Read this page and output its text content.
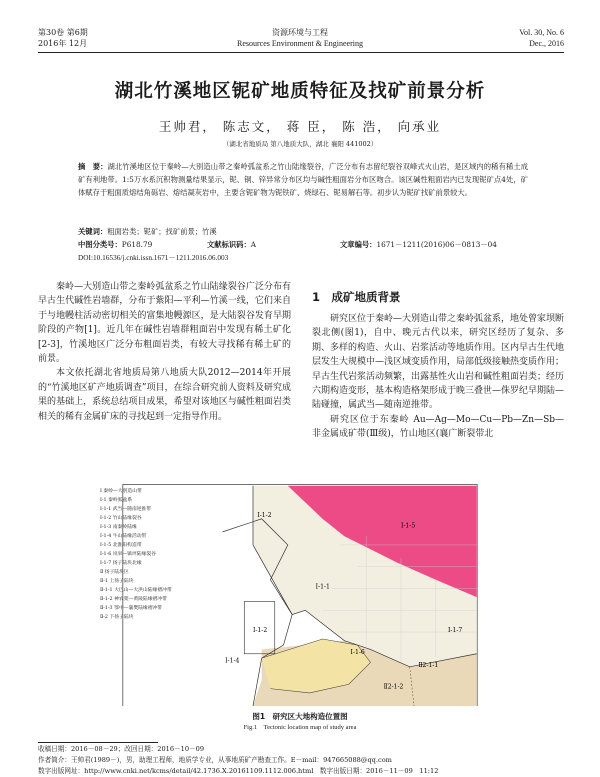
第30卷 第6期
2016年 12月
资源环境与工程
Resources Environment & Engineering
Vol. 30, No. 6
Dec., 2016
湖北竹溪地区铌矿地质特征及找矿前景分析
王帅君， 陈志文， 蒋 臣， 陈 浩， 向承业
（湖北省地质局 第八地质大队，湖北 襄阳 441002）
摘　要：湖北竹溪地区位于秦岭—大别造山带之秦岭弧盆系之竹山陆缘裂谷，广泛分布有志留纪裂谷双峰式火山岩，是区域内的稀有稀土成矿有利地带。1:5万水系沉积物测量结果显示，铌、铜、锌异常分布区均与碱性粗面岩分布区吻合。该区碱性粗面岩内已发现铌矿点4处，矿体赋存于粗面质熔结角砾岩、熔结凝灰岩中，主要含铌矿物为铌铁矿、烧绿石、铌易解石等。初步认为铌矿找矿前景较大。
关键词：粗面岩类；铌矿；找矿前景；竹溪
中图分类号：P618.79	文献标识码：A	文章编号：1671－1211(2016)06－0813－04
DOI:10.16536/j.cnki.issn.1671－1211.2016.06.003

秦岭—大别造山带之秦岭弧盆系之竹山陆缘裂谷广泛分布有早古生代碱性岩墙群，分布于紫阳—平利—竹溪一线，它们来自于与地幔柱活动密切相关的富集地幔源区，是大陆裂谷发育早期阶段的产物[1]。近几年在碱性岩墙群粗面岩中发现有稀土矿化[2-3]，竹溪地区广泛分布粗面岩类，有较大寻找稀有稀土矿的前景。

本文依托湖北省地质局第八地质大队2012—2014年开展的“竹溪地区矿产地质调查”项目，在综合研究前人资料及研究成果的基础上，系统总结项目成果，希望对该地区与碱性粗面岩类相关的稀有金属矿床的寻找起到一定指导作用。

1　成矿地质背景

研究区位于秦岭—大别造山带之秦岭弧盆系，地处曾家坝断裂北侧(图1)，自中、晚元古代以来，研究区经历了复杂、多期、多样的构造、火山、岩浆活动等地质作用。区内早古生代地层发生大规模中—浅区域变质作用，局部低级接触热变质作用；早古生代岩浆活动频繁，出露基性火山岩和碱性粗面岩类；经历六期构造变形，基本构造格架形成于晚三叠世—侏罗纪早期陆—陆碰撞，属武当—随南逆推带。

研究区位于东秦岭 Au—Ag—Mo—Cu—Pb—Zn—Sb—非金属成矿带(Ⅲ级)，竹山地区(襄广断裂带北

Ⅰ-1-2
Ⅰ-1-5
Ⅰ-1-1
Ⅰ-1-2
Ⅰ-1-6
Ⅰ-1-4
Ⅰ-1-7
Ⅱ2-1-1
Ⅱ2-1-2
Ⅰ 秦岭—大别造山带
Ⅰ-1 秦岭弧盆系
Ⅰ-1-1 武当—随南逆推带
Ⅰ-1-2 竹山陆缘裂谷
Ⅰ-1-3 南秦岭陆缘
Ⅰ-1-4 牛山陆缘活动带
Ⅰ-1-5 北淮阳构造带
Ⅰ-1-6 岚皋—镇坪陆缘裂谷
Ⅰ-1-7 扬子陆块北缘
Ⅱ 扬子陆块区
Ⅱ-1 上扬子陆块
Ⅱ-1-1 大巴山—大洪山陆缘褶冲带
Ⅱ-1-2 神农架—黄陵陆缘褶冲带
Ⅱ-1-3 鄂中—襄樊陆缘褶冲带
Ⅱ-2 下扬子陆块
图1　研究区大地构造位置图
Fig.1　Tectonic location map of study area
收稿日期：2016－08－29；改回日期：2016－10－09
作者简介：王帅君(1989－)，男，助理工程师，地质学专业，从事地质矿产勘查工作。E－mail：947665088@qq.com
数字出版网址：http://www.cnki.net/kcms/detail/42.1736.X.20161109.1112.006.html　数字出版日期：2016－11－09　11:12
